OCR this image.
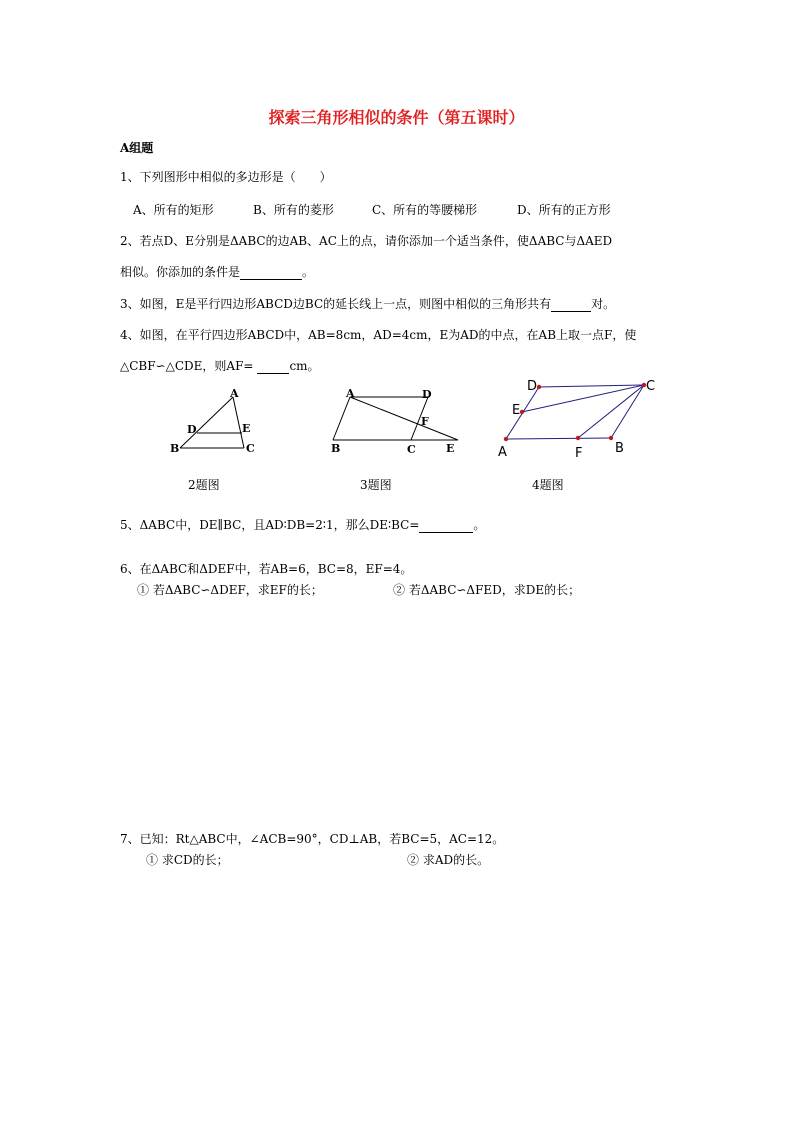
探索三角形相似的条件（第五课时）
A组题
1、下列图形中相似的多边形是（　　）
A、所有的矩形	B、所有的菱形	C、所有的等腰梯形	D、所有的正方形
2、若点D、E分别是ΔABC的边AB、AC上的点，请你添加一个适当条件，使ΔABC与ΔAED
相似。你添加的条件是	。
3、如图，E是平行四边形ABCD边BC的延长线上一点，则图中相似的三角形共有	对。
4、如图，在平行四边形ABCD中，AB=8cm，AD=4cm，E为AD的中点，在AB上取一点F，使
△CBF∽△CDE，则AF=	cm。
A
D	E
B	C
A	D
F
B	C	E
D	C
E
A	F	B
2题图	3题图	4题图
5、ΔABC中，DE∥BC，且AD∶DB=2∶1，那么DE∶BC=	。
6、在ΔABC和ΔDEF中，若AB=6，BC=8，EF=4。
① 若ΔABC∽ΔDEF，求EF的长；	② 若ΔABC∽ΔFED，求DE的长；
7、已知：Rt△ABC中，∠ACB=90°，CD⊥AB，若BC=5，AC=12。
① 求CD的长；	② 求AD的长。
